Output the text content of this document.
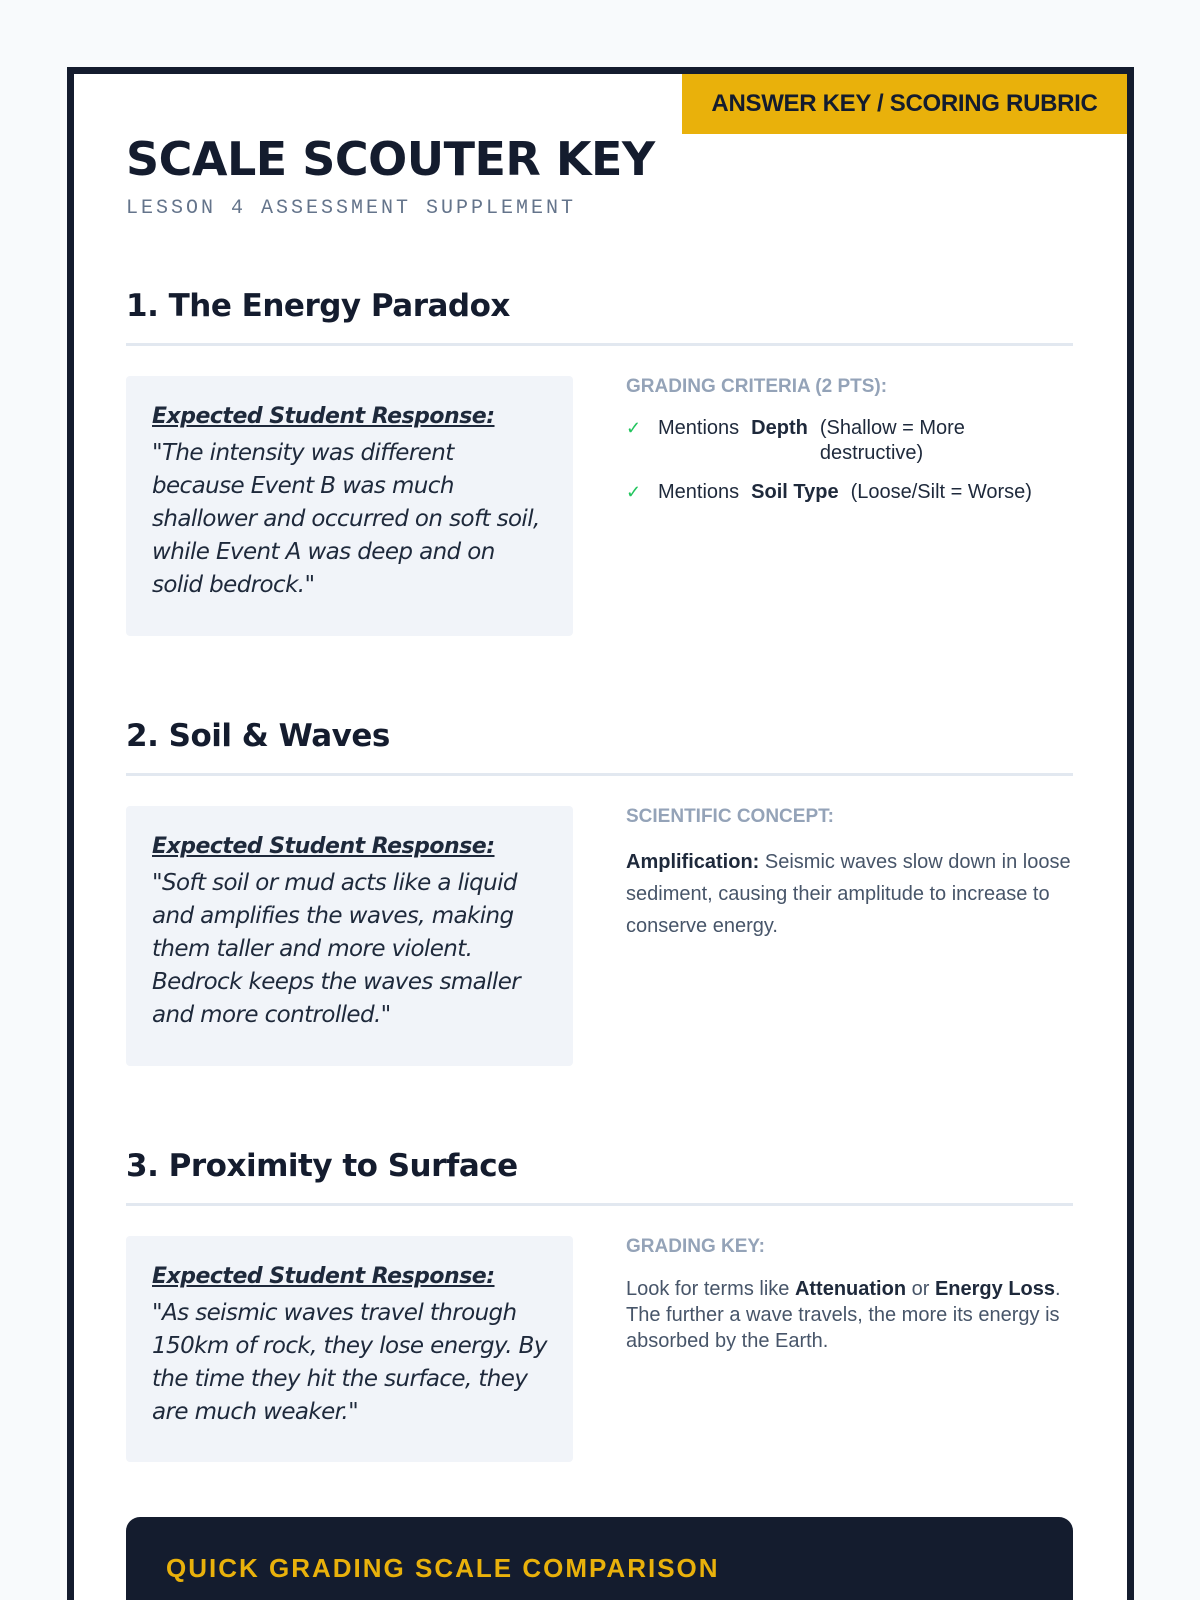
ANSWER KEY / SCORING RUBRIC
SCALE SCOUTER KEY
LESSON 4 ASSESSMENT SUPPLEMENT
1. The Energy Paradox
Expected Student Response:
"The intensity was different because Event B was much shallower and occurred on soft soil, while Event A was deep and on solid bedrock."
GRADING CRITERIA (2 PTS):
✓ Mentions Depth (Shallow = More destructive)
✓ Mentions Soil Type (Loose/Silt = Worse)
2. Soil & Waves
Expected Student Response:
"Soft soil or mud acts like a liquid and amplifies the waves, making them taller and more violent. Bedrock keeps the waves smaller and more controlled."
SCIENTIFIC CONCEPT:

Amplification: Seismic waves slow down in loose sediment, causing their amplitude to increase to conserve energy.

3. Proximity to Surface
Expected Student Response:
"As seismic waves travel through 150km of rock, they lose energy. By the time they hit the surface, they are much weaker."
GRADING KEY:

Look for terms like Attenuation or Energy Loss. The further a wave travels, the more its energy is absorbed by the Earth.

QUICK GRADING SCALE COMPARISON
